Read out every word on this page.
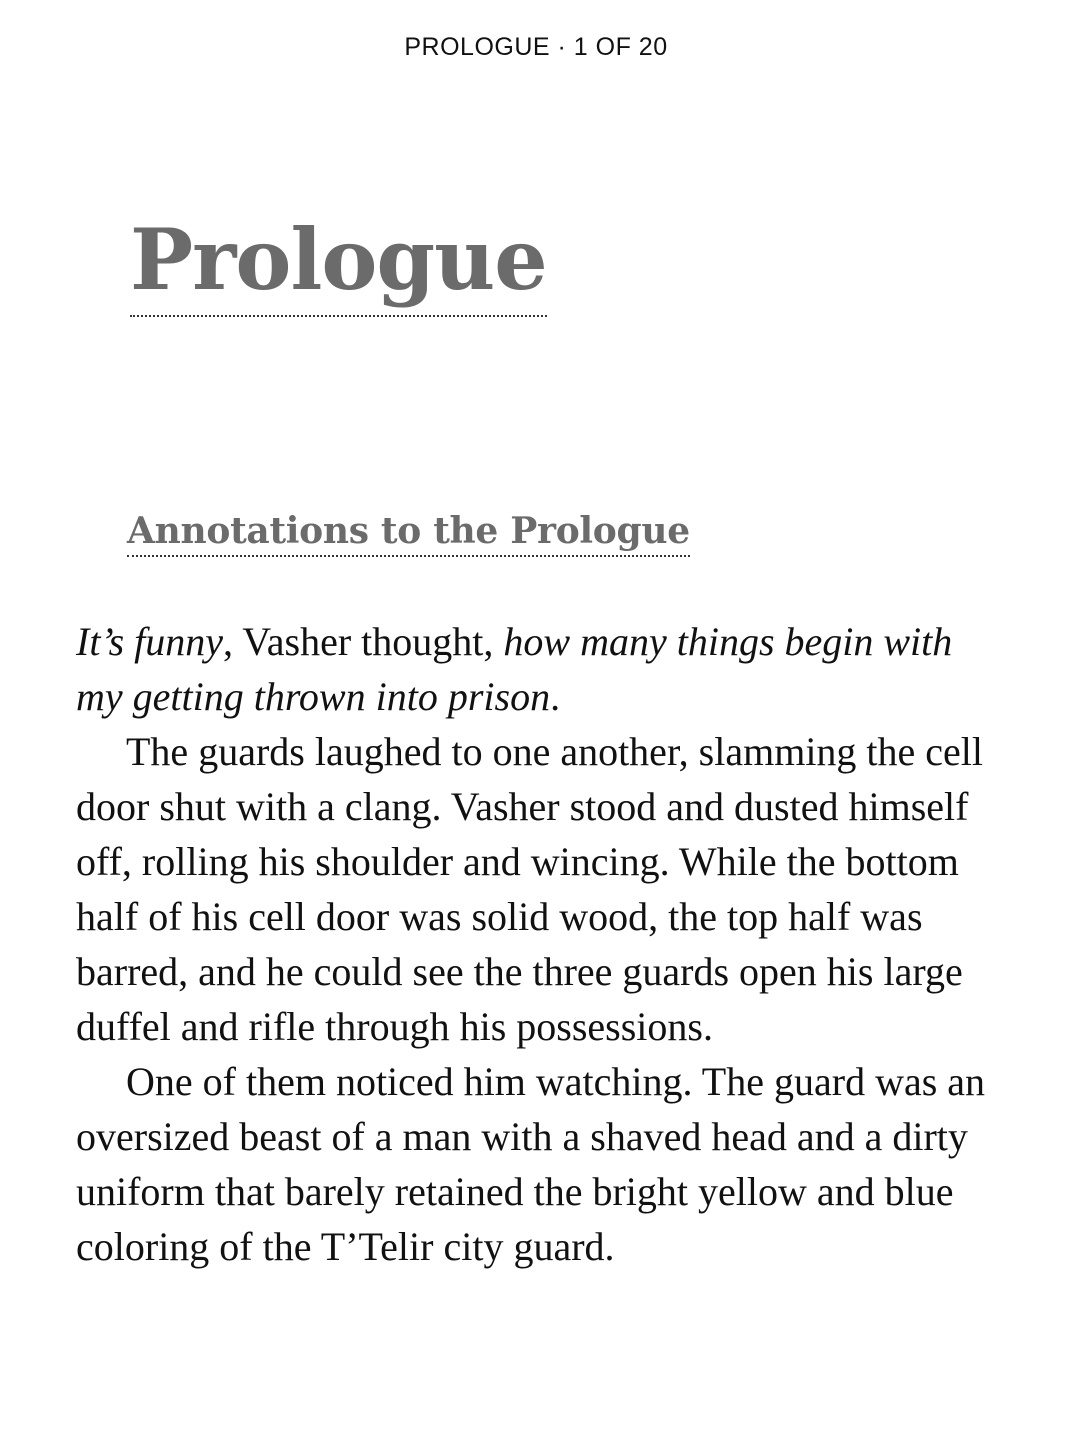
PROLOGUE · 1 OF 20
Prologue
Annotations to the Prologue

It’s funny, Vasher thought, how many things begin with my getting thrown into prison.

The guards laughed to one another, slamming the cell door shut with a clang. Vasher stood and dusted himself off, rolling his shoulder and wincing. While the bottom half of his cell door was solid wood, the top half was barred, and he could see the three guards open his large duffel and rifle through his possessions.

One of them noticed him watching. The guard was an oversized beast of a man with a shaved head and a dirty uniform that barely retained the bright yellow and blue coloring of the T’Telir city guard.
